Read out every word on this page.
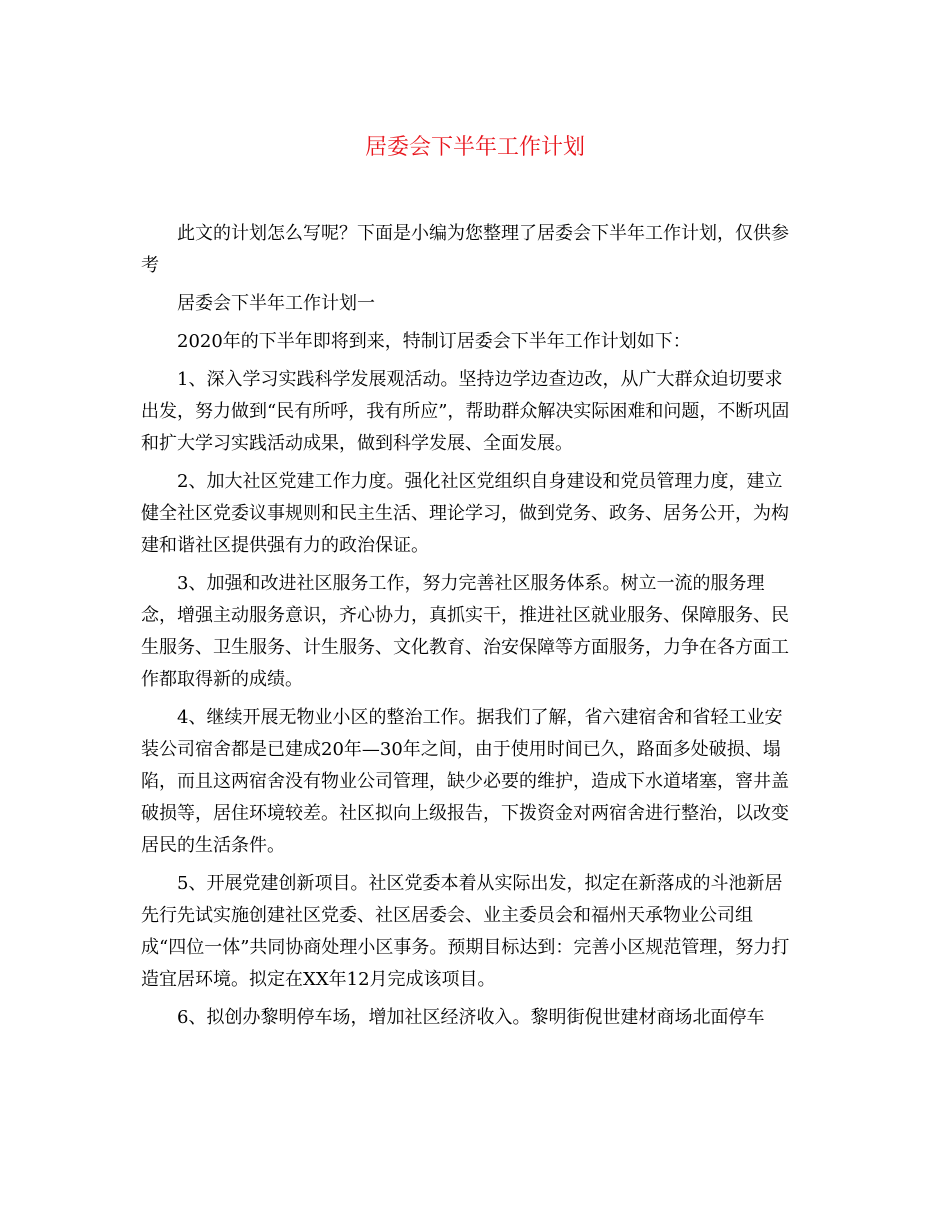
居委会下半年工作计划
此文的计划怎么写呢？下面是小编为您整理了居委会下半年工作计划，仅供参
考
居委会下半年工作计划一
2020年的下半年即将到来，特制订居委会下半年工作计划如下：
1、深入学习实践科学发展观活动。坚持边学边查边改，从广大群众迫切要求
出发，努力做到“民有所呼，我有所应”，帮助群众解决实际困难和问题，不断巩固
和扩大学习实践活动成果，做到科学发展、全面发展。
2、加大社区党建工作力度。强化社区党组织自身建设和党员管理力度，建立
健全社区党委议事规则和民主生活、理论学习，做到党务、政务、居务公开，为构
建和谐社区提供强有力的政治保证。
3、加强和改进社区服务工作，努力完善社区服务体系。树立一流的服务理
念，增强主动服务意识，齐心协力，真抓实干，推进社区就业服务、保障服务、民
生服务、卫生服务、计生服务、文化教育、治安保障等方面服务，力争在各方面工
作都取得新的成绩。
4、继续开展无物业小区的整治工作。据我们了解，省六建宿舍和省轻工业安
装公司宿舍都是已建成20年—30年之间，由于使用时间已久，路面多处破损、塌
陷，而且这两宿舍没有物业公司管理，缺少必要的维护，造成下水道堵塞，窨井盖
破损等，居住环境较差。社区拟向上级报告，下拨资金对两宿舍进行整治，以改变
居民的生活条件。
5、开展党建创新项目。社区党委本着从实际出发，拟定在新落成的斗池新居
先行先试实施创建社区党委、社区居委会、业主委员会和福州天承物业公司组
成“四位一体”共同协商处理小区事务。预期目标达到：完善小区规范管理，努力打
造宜居环境。拟定在XX年12月完成该项目。
6、拟创办黎明停车场，增加社区经济收入。黎明街倪世建材商场北面停车
